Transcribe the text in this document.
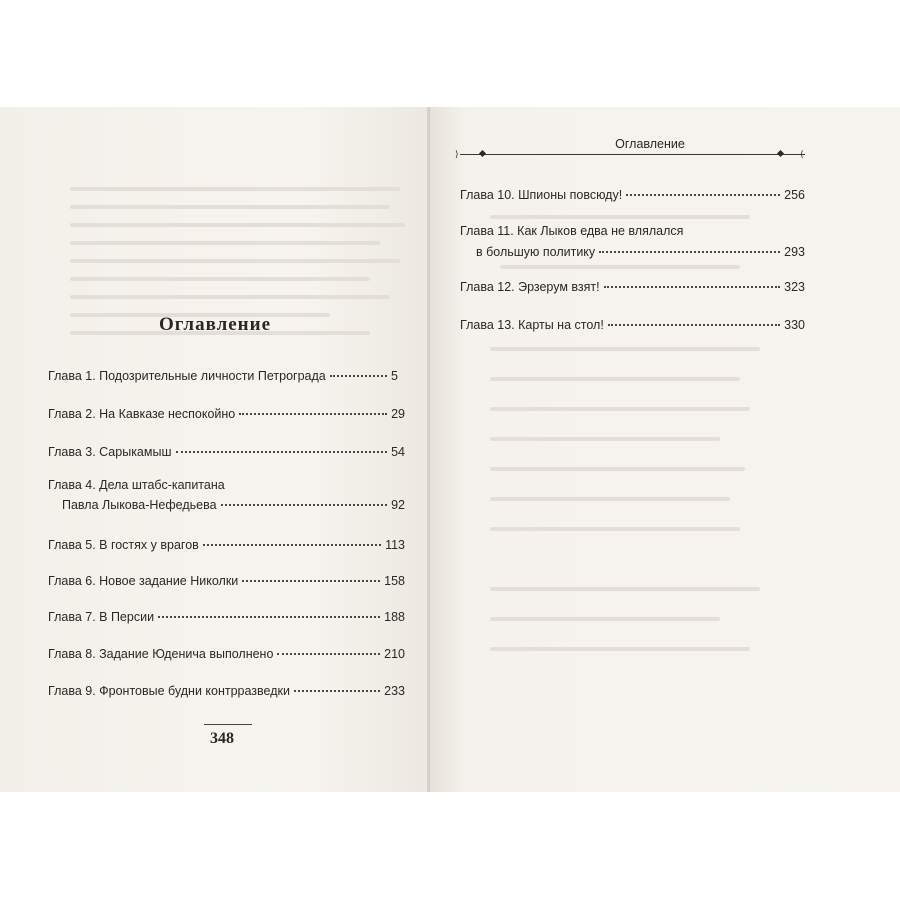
Оглавление
Глава 1. Подозрительные личности Петрограда	5
Глава 2. На Кавказе неспокойно	29
Глава 3. Сарыкамыш	54
Глава 4. Дела штабс-капитана
Павла Лыкова-Нефедьева	92
Глава 5. В гостях у врагов	113
Глава 6. Новое задание Николки	158
Глава 7. В Персии	188
Глава 8. Задание Юденича выполнено	210
Глава 9. Фронтовые будни контрразведки	233
348
Оглавление
⟩	⟨
Глава 10. Шпионы повсюду!	256
Глава 11. Как Лыков едва не влялался
в большую политику	293
Глава 12. Эрзерум взят!	323
Глава 13. Карты на стол!	330
